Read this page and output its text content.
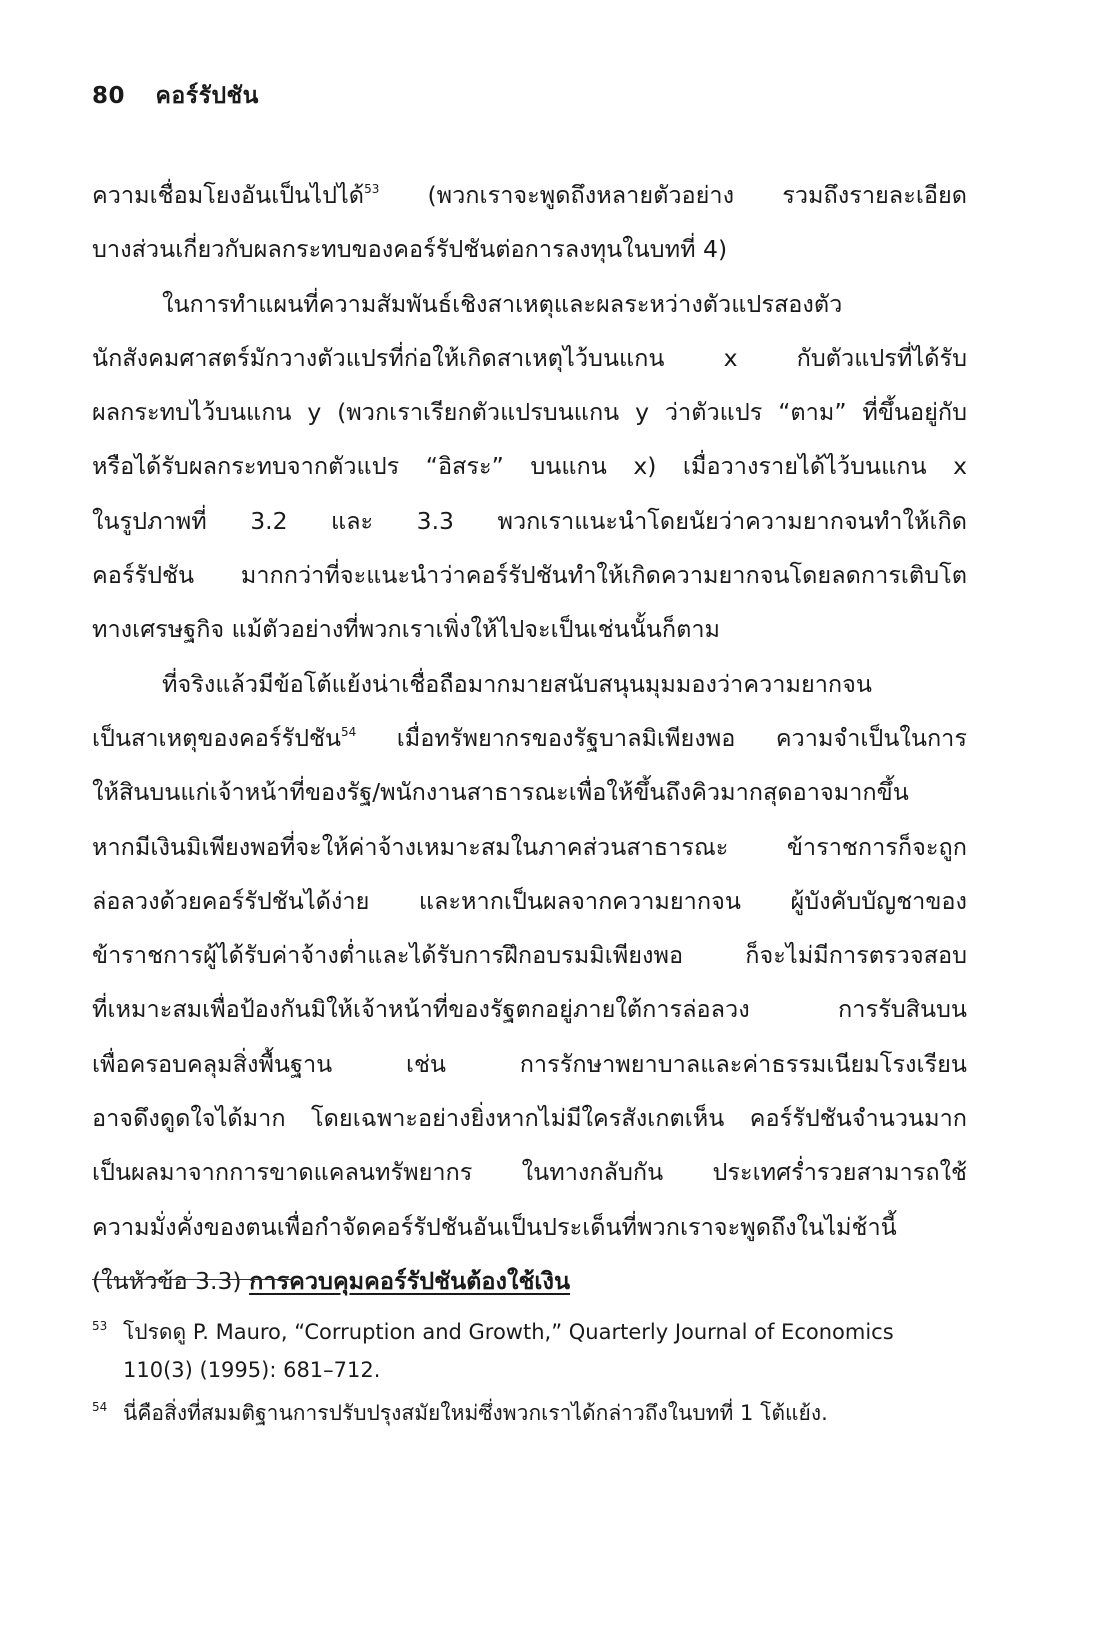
80 คอร์รัปชัน
ความเชื่อมโยงอันเป็นไปได้$^{53}$ (พวกเราจะพูดถึงหลายตัวอย่าง รวมถึงรายละเอียด
บางส่วนเกี่ยวกับผลกระทบของคอร์รัปชันต่อการลงทุนในบทที่ 4)
ในการทำแผนที่ความสัมพันธ์เชิงสาเหตุและผลระหว่างตัวแปรสองตัว
นักสังคมศาสตร์มักวางตัวแปรที่ก่อให้เกิดสาเหตุไว้บนแกน x กับตัวแปรที่ได้รับ
ผลกระทบไว้บนแกน y (พวกเราเรียกตัวแปรบนแกน y ว่าตัวแปร “ตาม” ที่ขึ้นอยู่กับ
หรือได้รับผลกระทบจากตัวแปร “อิสระ” บนแกน x) เมื่อวางรายได้ไว้บนแกน x
ในรูปภาพที่ 3.2 และ 3.3 พวกเราแนะนำโดยนัยว่าความยากจนทำให้เกิด
คอร์รัปชัน มากกว่าที่จะแนะนำว่าคอร์รัปชันทำให้เกิดความยากจนโดยลดการเติบโต
ทางเศรษฐกิจ แม้ตัวอย่างที่พวกเราเพิ่งให้ไปจะเป็นเช่นนั้นก็ตาม
ที่จริงแล้วมีข้อโต้แย้งน่าเชื่อถือมากมายสนับสนุนมุมมองว่าความยากจน
เป็นสาเหตุของคอร์รัปชัน$^{54}$ เมื่อทรัพยากรของรัฐบาลมิเพียงพอ ความจำเป็นในการ
ให้สินบนแก่เจ้าหน้าที่ของรัฐ/พนักงานสาธารณะเพื่อให้ขึ้นถึงคิวมากสุดอาจมากขึ้น
หากมีเงินมิเพียงพอที่จะให้ค่าจ้างเหมาะสมในภาคส่วนสาธารณะ ข้าราชการก็จะถูก
ล่อลวงด้วยคอร์รัปชันได้ง่าย และหากเป็นผลจากความยากจน ผู้บังคับบัญชาของ
ข้าราชการผู้ได้รับค่าจ้างต่ำและได้รับการฝึกอบรมมิเพียงพอ ก็จะไม่มีการตรวจสอบ
ที่เหมาะสมเพื่อป้องกันมิให้เจ้าหน้าที่ของรัฐตกอยู่ภายใต้การล่อลวง การรับสินบน
เพื่อครอบคลุมสิ่งพื้นฐาน เช่น การรักษาพยาบาลและค่าธรรมเนียมโรงเรียน
อาจดึงดูดใจได้มาก โดยเฉพาะอย่างยิ่งหากไม่มีใครสังเกตเห็น คอร์รัปชันจำนวนมาก
เป็นผลมาจากการขาดแคลนทรัพยากร ในทางกลับกัน ประเทศร่ำรวยสามารถใช้
ความมั่งคั่งของตนเพื่อกำจัดคอร์รัปชันอันเป็นประเด็นที่พวกเราจะพูดถึงในไม่ช้านี้
(ในหัวข้อ 3.3) การควบคุมคอร์รัปชันต้องใช้เงิน
53 โปรดดู P. Mauro, “Corruption and Growth,” Quarterly Journal of Economics
110(3) (1995): 681–712.
54 นี่คือสิ่งที่สมมติฐานการปรับปรุงสมัยใหม่ซึ่งพวกเราได้กล่าวถึงในบทที่ 1 โต้แย้ง.
